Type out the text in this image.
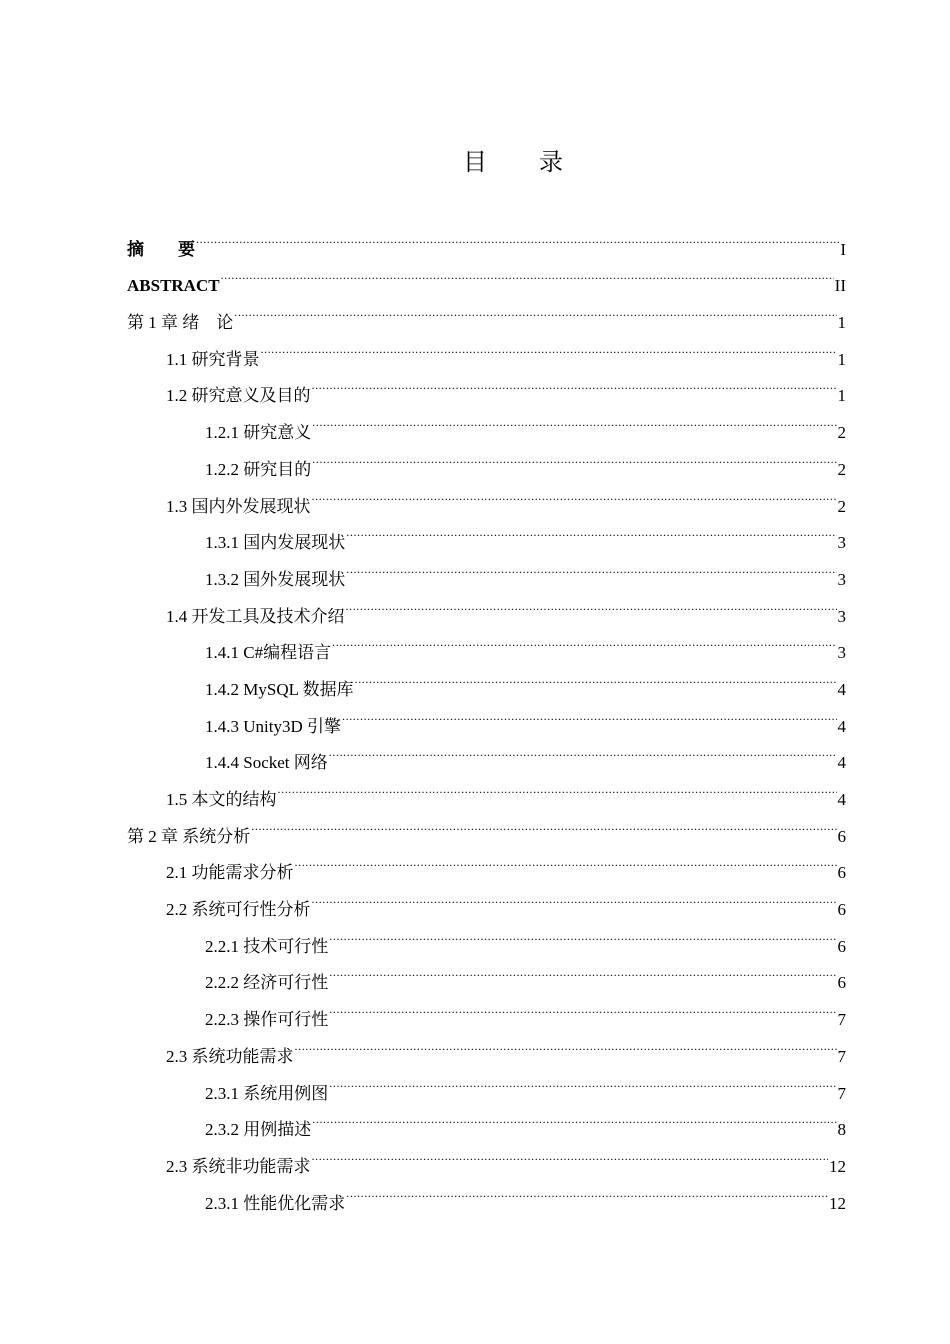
目 录
摘　　要 .....	I
ABSTRACT .....	II
第 1 章 绪　论 .....	1
1.1 研究背景 .....	1
1.2 研究意义及目的 .....	1
1.2.1 研究意义 .....	2
1.2.2 研究目的 .....	2
1.3 国内外发展现状 .....	2
1.3.1 国内发展现状 .....	3
1.3.2 国外发展现状 .....	3
1.4 开发工具及技术介绍 .....	3
1.4.1 C#编程语言 .....	3
1.4.2 MySQL 数据库 .....	4
1.4.3 Unity3D 引擎 .....	4
1.4.4 Socket 网络 .....	4
1.5 本文的结构 .....	4
第 2 章 系统分析 .....	6
2.1 功能需求分析 .....	6
2.2 系统可行性分析 .....	6
2.2.1 技术可行性 .....	6
2.2.2 经济可行性 .....	6
2.2.3 操作可行性 .....	7
2.3 系统功能需求 .....	7
2.3.1 系统用例图 .....	7
2.3.2 用例描述 .....	8
2.3 系统非功能需求 .....	12
2.3.1 性能优化需求 .....	12
